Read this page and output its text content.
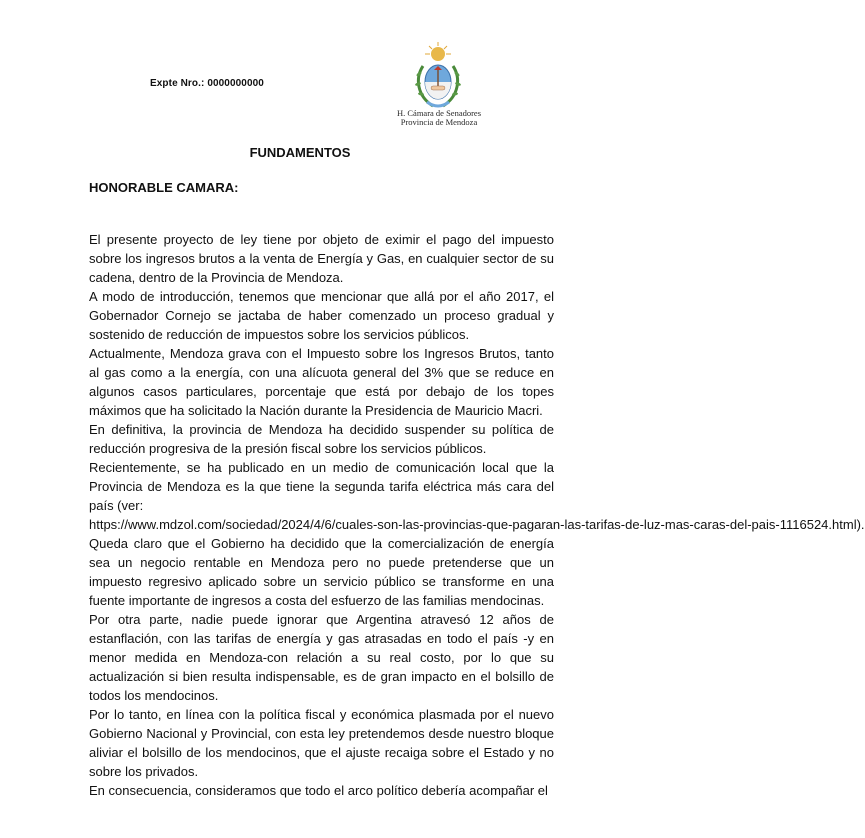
Expte Nro.: 0000000000
H. Cámara de Senadores
Provincia de Mendoza
FUNDAMENTOS
HONORABLE CAMARA:

El presente proyecto de ley tiene por objeto de eximir el pago del impuesto sobre los ingresos brutos a la venta de Energía y Gas, en cualquier sector de su cadena, dentro de la Provincia de Mendoza.

A modo de introducción, tenemos que mencionar que allá por el año 2017, el Gobernador Cornejo se jactaba de haber comenzado un proceso gradual y sostenido de reducción de impuestos sobre los servicios públicos.

Actualmente, Mendoza grava con el Impuesto sobre los Ingresos Brutos, tanto al gas como a la energía, con una alícuota general del 3% que se reduce en algunos casos particulares, porcentaje que está por debajo de los topes máximos que ha solicitado la Nación durante la Presidencia de Mauricio Macri.

En definitiva, la provincia de Mendoza ha decidido suspender su política de reducción progresiva de la presión fiscal sobre los servicios públicos.

Recientemente, se ha publicado en un medio de comunicación local que la Provincia de Mendoza es la que tiene la segunda tarifa eléctrica más cara del país (ver:

https://www.mdzol.com/sociedad/2024/4/6/cuales-son-las-provincias-que-pagaran-las-tarifas-de-luz-mas-caras-del-pais-1116524.html).

Queda claro que el Gobierno ha decidido que la comercialización de energía sea un negocio rentable en Mendoza pero no puede pretenderse que un impuesto regresivo aplicado sobre un servicio público se transforme en una fuente importante de ingresos a costa del esfuerzo de las familias mendocinas.

Por otra parte, nadie puede ignorar que Argentina atravesó 12 años de estanflación, con las tarifas de energía y gas atrasadas en todo el país -y en menor medida en Mendoza-con relación a su real costo, por lo que su actualización si bien resulta indispensable, es de gran impacto en el bolsillo de todos los mendocinos.

Por lo tanto, en línea con la política fiscal y económica plasmada por el nuevo Gobierno Nacional y Provincial, con esta ley pretendemos desde nuestro bloque aliviar el bolsillo de los mendocinos, que el ajuste recaiga sobre el Estado y no sobre los privados.

En consecuencia, consideramos que todo el arco político debería acompañar el
